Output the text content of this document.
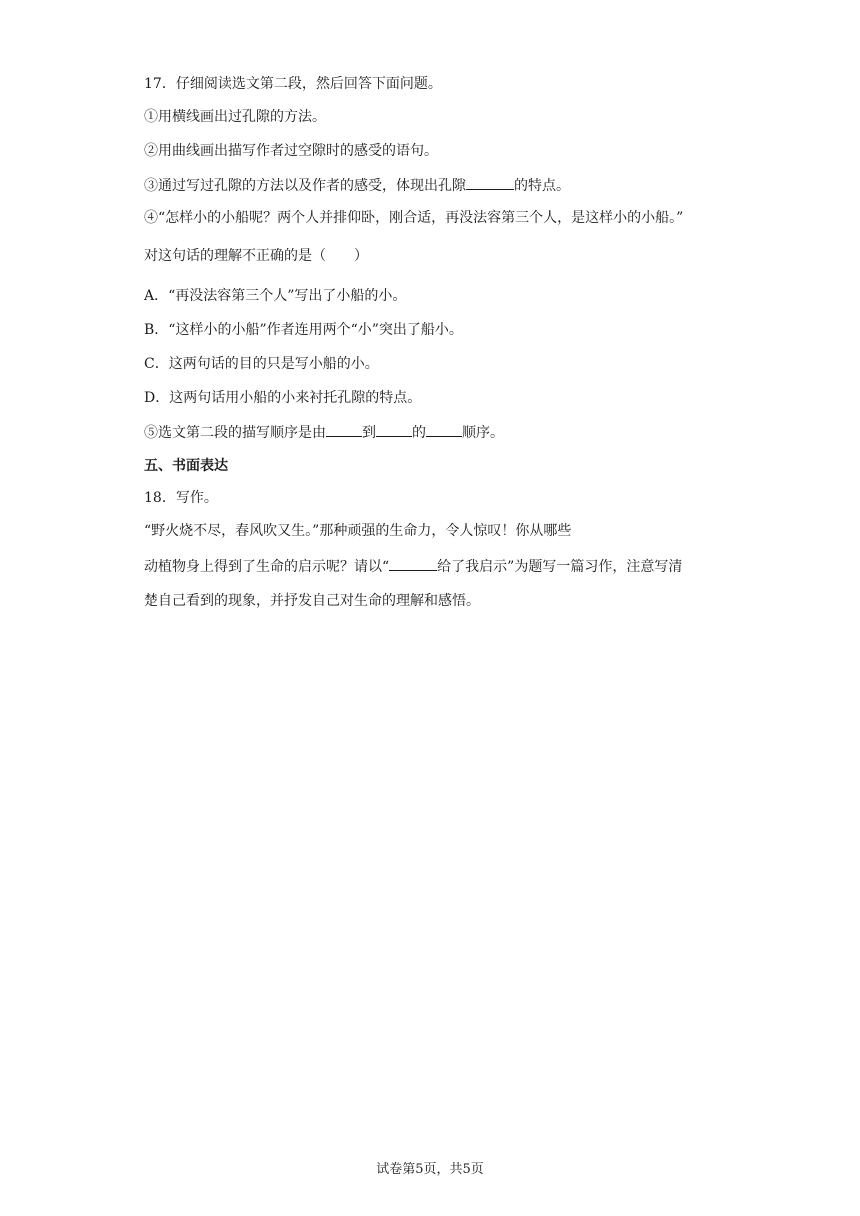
17．仔细阅读选文第二段，然后回答下面问题。
①用横线画出过孔隙的方法。
②用曲线画出描写作者过空隙时的感受的语句。
③通过写过孔隙的方法以及作者的感受，体现出孔隙	的特点。
④“怎样小的小船呢？两个人并排仰卧，刚合适，再没法容第三个人，是这样小的小船。”
对这句话的理解不正确的是（　　）
A．“再没法容第三个人”写出了小船的小。
B．“这样小的小船”作者连用两个“小”突出了船小。
C．这两句话的目的只是写小船的小。
D．这两句话用小船的小来衬托孔隙的特点。
⑤选文第二段的描写顺序是由	到	的	顺序。
五、书面表达
18．写作。
“野火烧不尽，春风吹又生。”那种顽强的生命力，令人惊叹！你从哪些
动植物身上得到了生命的启示呢？请以“	给了我启示”为题写一篇习作，注意写清
楚自己看到的现象，并抒发自己对生命的理解和感悟。
试卷第5页，共5页
